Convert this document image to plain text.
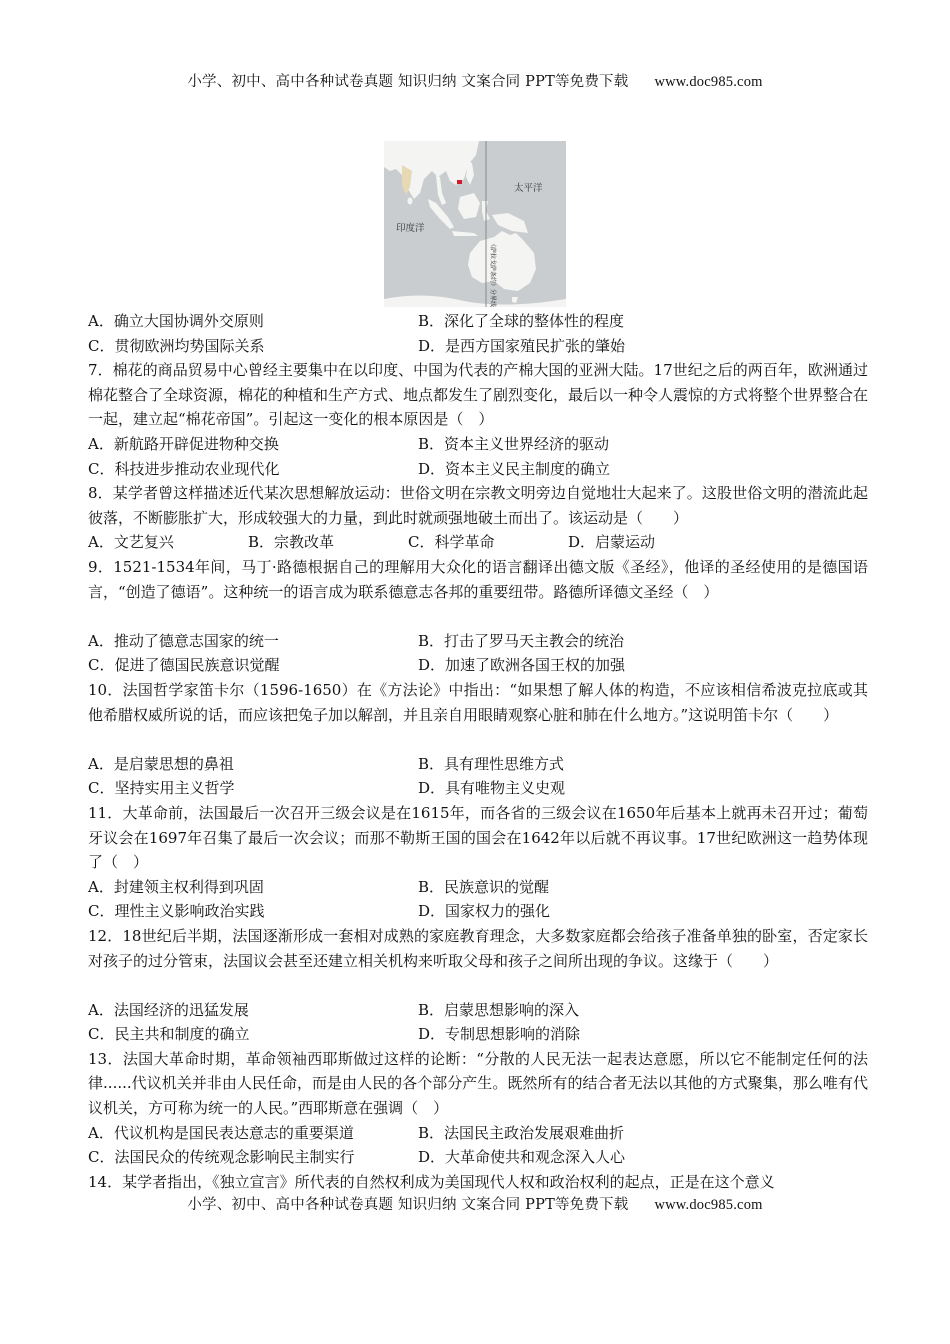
小学、初中、高中各种试卷真题 知识归纳 文案合同 PPT等免费下载 www.doc985.com
太平洋
印度洋
《萨拉戈萨条约》分界线
A．确立大国协调外交原则	B．深化了全球的整体性的程度
C．贯彻欧洲均势国际关系	D．是西方国家殖民扩张的肇始
7．棉花的商品贸易中心曾经主要集中在以印度、中国为代表的产棉大国的亚洲大陆。17世纪之后的两百年，欧洲通过棉花整合了全球资源，棉花的种植和生产方式、地点都发生了剧烈变化，最后以一种令人震惊的方式将整个世界整合在一起，建立起“棉花帝国”。引起这一变化的根本原因是（　）
A．新航路开辟促进物种交换	B．资本主义世界经济的驱动
C．科技进步推动农业现代化	D．资本主义民主制度的确立
8．某学者曾这样描述近代某次思想解放运动：世俗文明在宗教文明旁边自觉地壮大起来了。这股世俗文明的潜流此起彼落，不断膨胀扩大，形成较强大的力量，到此时就顽强地破土而出了。该运动是（　　）
A．文艺复兴	B．宗教改革	C．科学革命	D．启蒙运动
9．1521-1534年间，马丁·路德根据自己的理解用大众化的语言翻译出德文版《圣经》，他译的圣经使用的是德国语言，“创造了德语”。这种统一的语言成为联系德意志各邦的重要纽带。路德所译德文圣经（　）
A．推动了德意志国家的统一	B．打击了罗马天主教会的统治
C．促进了德国民族意识觉醒	D．加速了欧洲各国王权的加强
10．法国哲学家笛卡尔（1596-1650）在《方法论》中指出：“如果想了解人体的构造，不应该相信希波克拉底或其他希腊权威所说的话，而应该把兔子加以解剖，并且亲自用眼睛观察心脏和肺在什么地方。”这说明笛卡尔（　　）
A．是启蒙思想的鼻祖	B．具有理性思维方式
C．坚持实用主义哲学	D．具有唯物主义史观
11．大革命前，法国最后一次召开三级会议是在1615年，而各省的三级会议在1650年后基本上就再未召开过；葡萄牙议会在1697年召集了最后一次会议；而那不勒斯王国的国会在1642年以后就不再议事。17世纪欧洲这一趋势体现了（　）
A．封建领主权利得到巩固	B．民族意识的觉醒
C．理性主义影响政治实践	D．国家权力的强化
12．18世纪后半期，法国逐渐形成一套相对成熟的家庭教育理念，大多数家庭都会给孩子准备单独的卧室，否定家长对孩子的过分管束，法国议会甚至还建立相关机构来听取父母和孩子之间所出现的争议。这缘于（　　）
A．法国经济的迅猛发展	B．启蒙思想影响的深入
C．民主共和制度的确立	D．专制思想影响的消除
13．法国大革命时期，革命领袖西耶斯做过这样的论断：“分散的人民无法一起表达意愿，所以它不能制定任何的法律......代议机关并非由人民任命，而是由人民的各个部分产生。既然所有的结合者无法以其他的方式聚集，那么唯有代议机关，方可称为统一的人民。”西耶斯意在强调（　）
A．代议机构是国民表达意志的重要渠道	B．法国民主政治发展艰难曲折
C．法国民众的传统观念影响民主制实行	D．大革命使共和观念深入人心
14．某学者指出，《独立宣言》所代表的自然权利成为美国现代人权和政治权利的起点，正是在这个意义
小学、初中、高中各种试卷真题 知识归纳 文案合同 PPT等免费下载 www.doc985.com
